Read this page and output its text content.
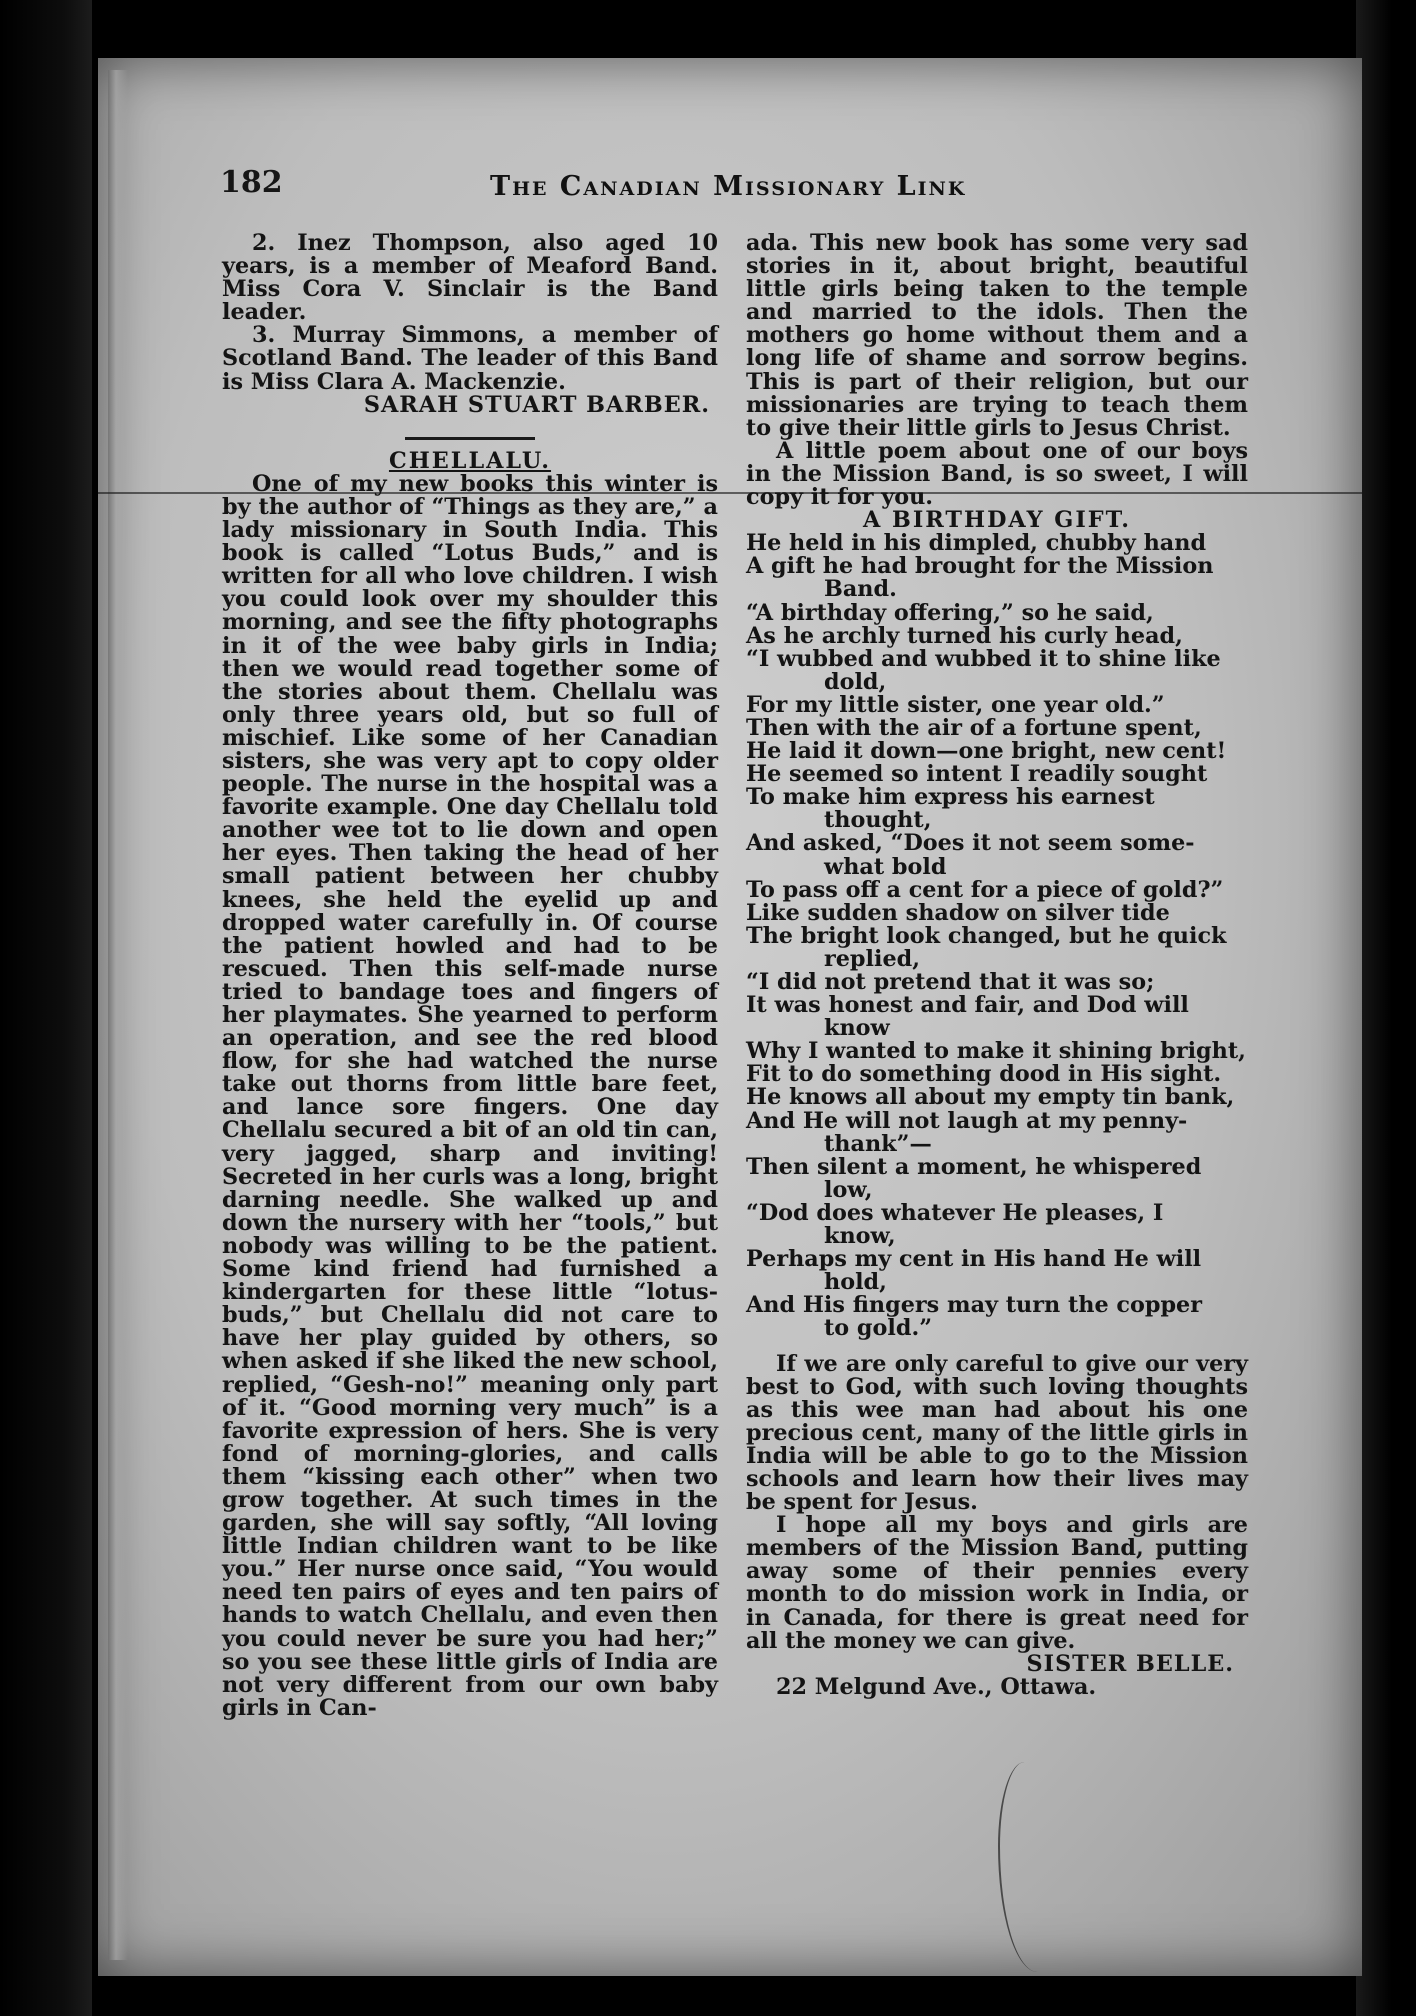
182	The Canadian Missionary Link

2. Inez Thompson, also aged 10 years, is a member of Meaford Band. Miss Cora V. Sinclair is the Band leader.

3. Murray Simmons, a member of Scotland Band. The leader of this Band is Miss Clara A. Mackenzie.

SARAH STUART BARBER.

CHELLALU.

One of my new books this winter is by the author of “Things as they are,” a lady missionary in South India. This book is called “Lotus Buds,” and is written for all who love children. I wish you could look over my shoulder this morning, and see the fifty photographs in it of the wee baby girls in India; then we would read together some of the stories about them. Chellalu was only three years old, but so full of mischief. Like some of her Canadian sisters, she was very apt to copy older people. The nurse in the hospital was a favorite example. One day Chellalu told another wee tot to lie down and open her eyes. Then taking the head of her small patient between her chubby knees, she held the eyelid up and dropped water carefully in. Of course the patient howled and had to be rescued. Then this self-made nurse tried to bandage toes and fingers of her playmates. She yearned to perform an operation, and see the red blood flow, for she had watched the nurse take out thorns from little bare feet, and lance sore fingers. One day Chellalu secured a bit of an old tin can, very jagged, sharp and inviting! Secreted in her curls was a long, bright darning needle. She walked up and down the nursery with her “tools,” but nobody was willing to be the patient. Some kind friend had furnished a kindergarten for these little “lotus-buds,” but Chellalu did not care to have her play guided by others, so when asked if she liked the new school, replied, “Gesh-no!” meaning only part of it. “Good morning very much” is a favorite expression of hers. She is very fond of morning-glories, and calls them “kissing each other” when two grow together. At such times in the garden, she will say softly, “All loving little Indian children want to be like you.” Her nurse once said, “You would need ten pairs of eyes and ten pairs of hands to watch Chellalu, and even then you could never be sure you had her;” so you see these little girls of India are not very different from our own baby girls in Can-

ada. This new book has some very sad stories in it, about bright, beautiful little girls being taken to the temple and married to the idols. Then the mothers go home without them and a long life of shame and sorrow begins. This is part of their religion, but our missionaries are trying to teach them to give their little girls to Jesus Christ.

A little poem about one of our boys in the Mission Band, is so sweet, I will copy it for you.

A BIRTHDAY GIFT.

He held in his dimpled, chubby hand

A gift he had brought for the Mission

Band.

“A birthday offering,” so he said,

As he archly turned his curly head,

“I wubbed and wubbed it to shine like

dold,

For my little sister, one year old.”

Then with the air of a fortune spent,

He laid it down—one bright, new cent!

He seemed so intent I readily sought

To make him express his earnest

thought,

And asked, “Does it not seem some-

what bold

To pass off a cent for a piece of gold?”

Like sudden shadow on silver tide

The bright look changed, but he quick

replied,

“I did not pretend that it was so;

It was honest and fair, and Dod will

know

Why I wanted to make it shining bright,

Fit to do something dood in His sight.

He knows all about my empty tin bank,

And He will not laugh at my penny-

thank”—

Then silent a moment, he whispered

low,

“Dod does whatever He pleases, I

know,

Perhaps my cent in His hand He will

hold,

And His fingers may turn the copper

to gold.”

If we are only careful to give our very best to God, with such loving thoughts as this wee man had about his one precious cent, many of the little girls in India will be able to go to the Mission schools and learn how their lives may be spent for Jesus.

I hope all my boys and girls are members of the Mission Band, putting away some of their pennies every month to do mission work in India, or in Canada, for there is great need for all the money we can give.

SISTER BELLE.

22 Melgund Ave., Ottawa.
